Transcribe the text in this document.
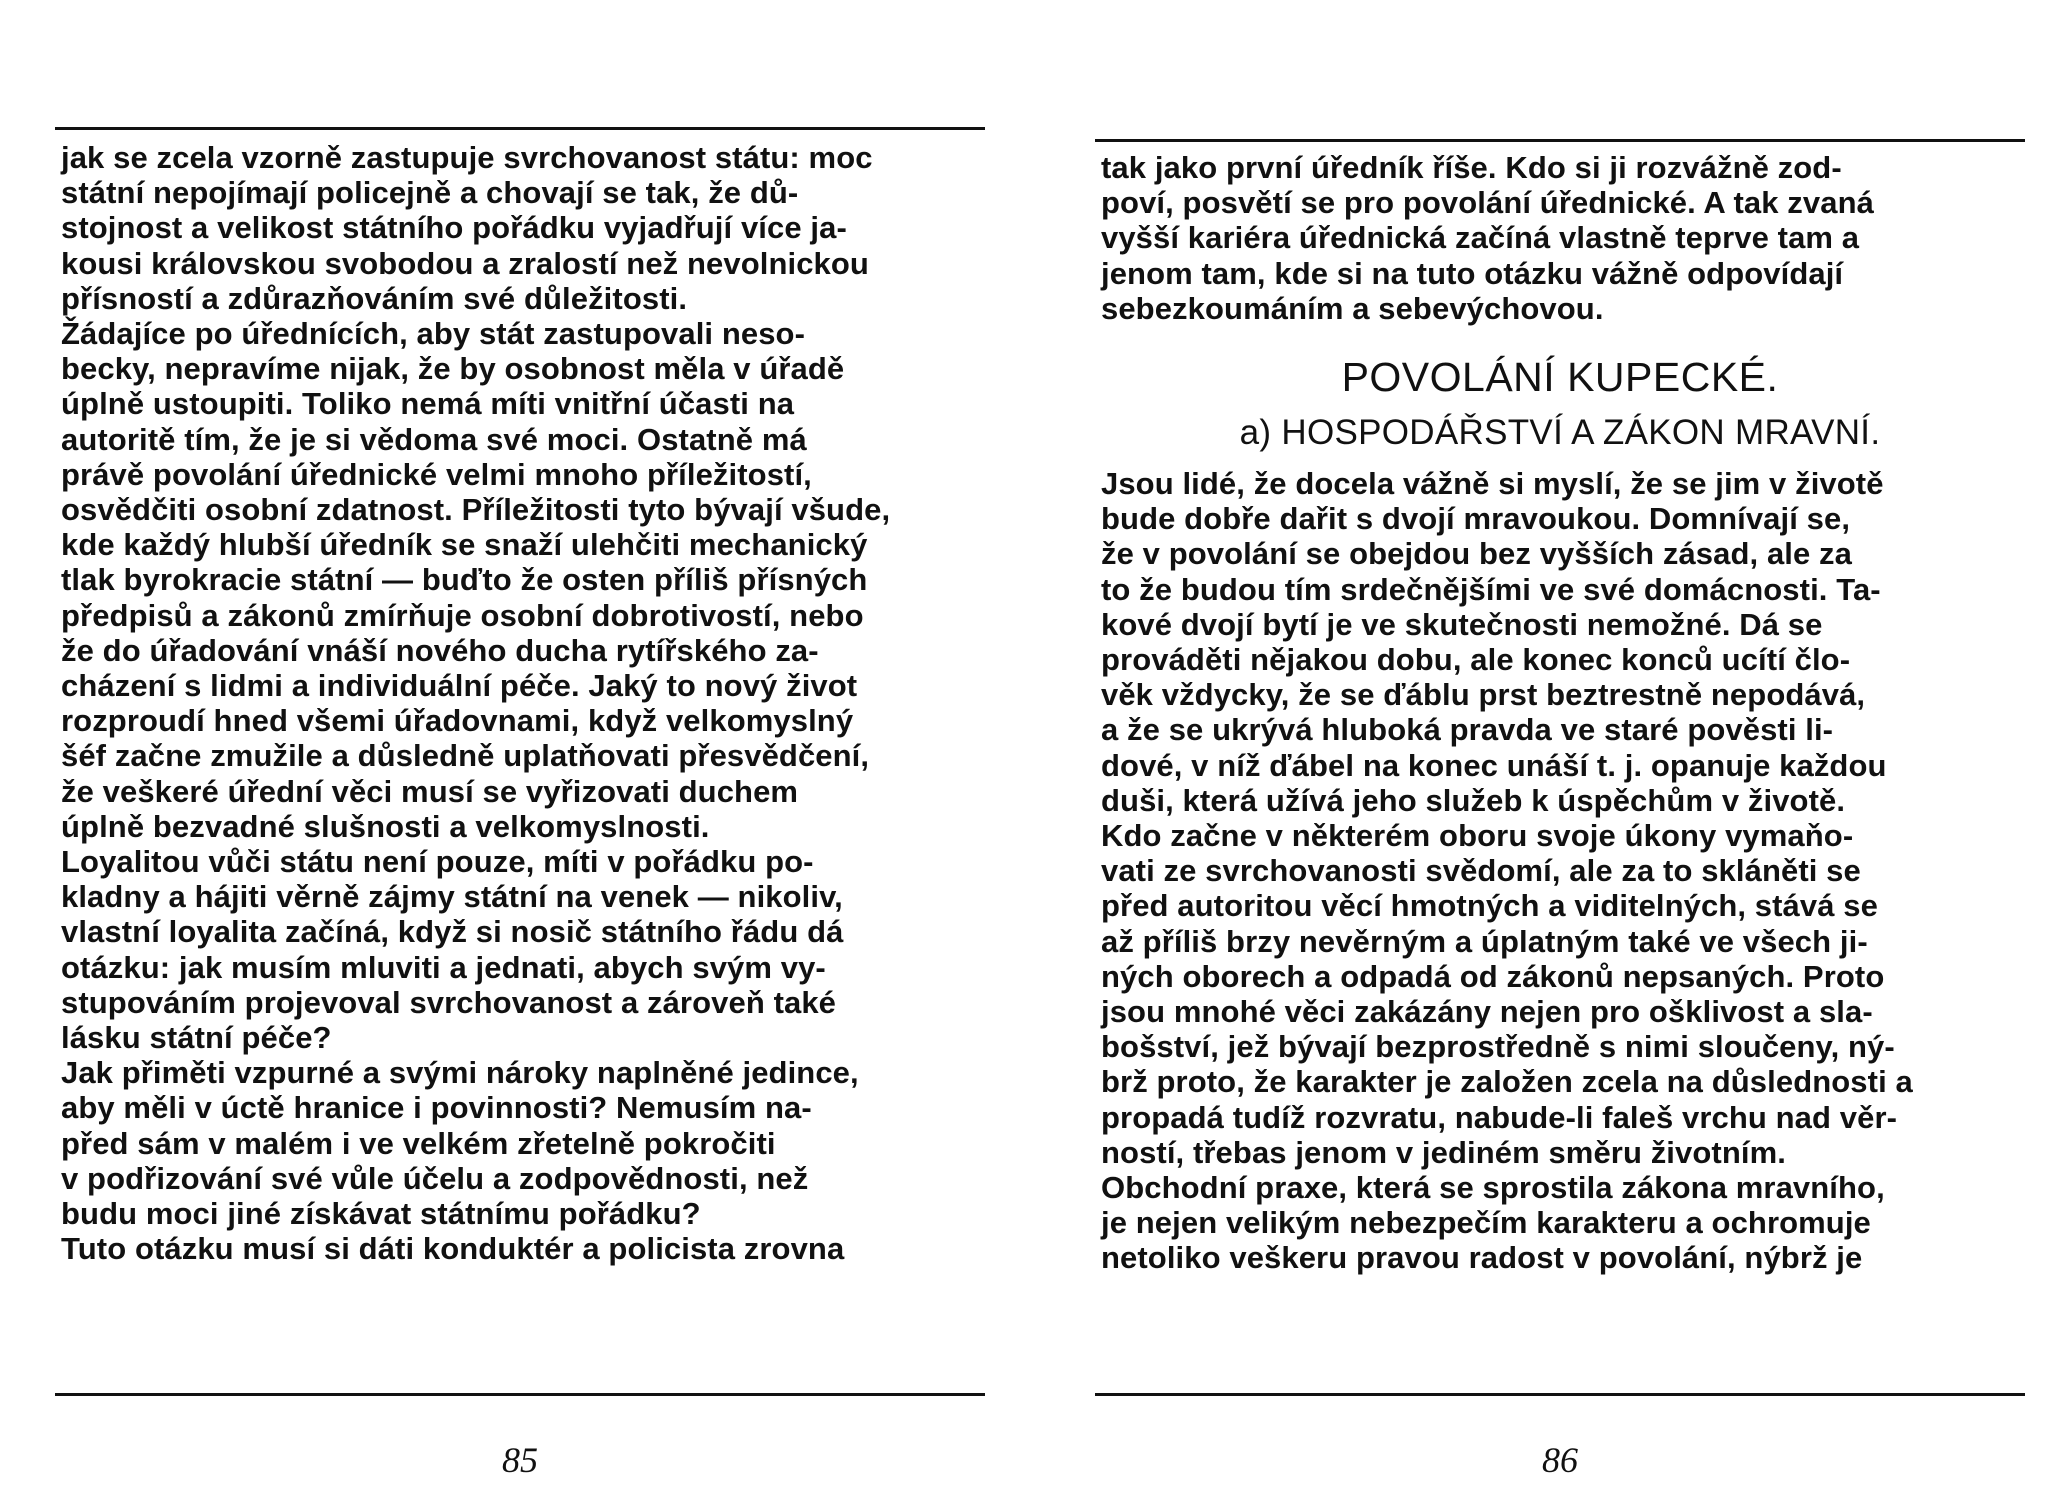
jak se zcela vzorně zastupuje svrchovanost státu: moc
státní nepojímají policejně a chovají se tak, že dů-
stojnost a velikost státního pořádku vyjadřují více ja-
kousi královskou svobodou a zralostí než nevolnickou
přísností a zdůrazňováním své důležitosti.

Žádajíce po úřednících, aby stát zastupovali neso-
becky, nepravíme nijak, že by osobnost měla v úřadě
úplně ustoupiti. Toliko nemá míti vnitřní účasti na
autoritě tím, že je si vědoma své moci. Ostatně má
právě povolání úřednické velmi mnoho příležitostí,
osvědčiti osobní zdatnost. Příležitosti tyto bývají všude,
kde každý hlubší úředník se snaží ulehčiti mechanický
tlak byrokracie státní — buďto že osten příliš přísných
předpisů a zákonů zmírňuje osobní dobrotivostí, nebo
že do úřadování vnáší nového ducha rytířského za-
cházení s lidmi a individuální péče. Jaký to nový život
rozproudí hned všemi úřadovnami, když velkomyslný
šéf začne zmužile a důsledně uplatňovati přesvědčení,
že veškeré úřední věci musí se vyřizovati duchem
úplně bezvadné slušnosti a velkomyslnosti.

Loyalitou vůči státu není pouze, míti v pořádku po-
kladny a hájiti věrně zájmy státní na venek — nikoliv,
vlastní loyalita začíná, když si nosič státního řádu dá
otázku: jak musím mluviti a jednati, abych svým vy-
stupováním projevoval svrchovanost a zároveň také
lásku státní péče?

Jak přiměti vzpurné a svými nároky naplněné jedince,
aby měli v úctě hranice i povinnosti? Nemusím na-
před sám v malém i ve velkém zřetelně pokročiti
v podřizování své vůle účelu a zodpovědnosti, než
budu moci jiné získávat státnímu pořádku?

Tuto otázku musí si dáti konduktér a policista zrovna

85

tak jako první úředník říše. Kdo si ji rozvážně zod-
poví, posvětí se pro povolání úřednické. A tak zvaná
vyšší kariéra úřednická začíná vlastně teprve tam a
jenom tam, kde si na tuto otázku vážně odpovídají
sebezkoumáním a sebevýchovou.

POVOLÁNÍ KUPECKÉ.
a) HOSPODÁŘSTVÍ A ZÁKON MRAVNÍ.

Jsou lidé, že docela vážně si myslí, že se jim v životě
bude dobře dařit s dvojí mravoukou. Domnívají se,
že v povolání se obejdou bez vyšších zásad, ale za
to že budou tím srdečnějšími ve své domácnosti. Ta-
kové dvojí bytí je ve skutečnosti nemožné. Dá se
prováděti nějakou dobu, ale konec konců ucítí člo-
věk vždycky, že se ďáblu prst beztrestně nepodává,
a že se ukrývá hluboká pravda ve staré pověsti li-
dové, v níž ďábel na konec unáší t. j. opanuje každou
duši, která užívá jeho služeb k úspěchům v životě.
Kdo začne v některém oboru svoje úkony vymaňo-
vati ze svrchovanosti svědomí, ale za to skláněti se
před autoritou věcí hmotných a viditelných, stává se
až příliš brzy nevěrným a úplatným také ve všech ji-
ných oborech a odpadá od zákonů nepsaných. Proto
jsou mnohé věci zakázány nejen pro ošklivost a sla-
bošství, jež bývají bezprostředně s nimi sloučeny, ný-
brž proto, že karakter je založen zcela na důslednosti a
propadá tudíž rozvratu, nabude-li faleš vrchu nad věr-
ností, třebas jenom v jediném směru životním.

Obchodní praxe, která se sprostila zákona mravního,
je nejen velikým nebezpečím karakteru a ochromuje
netoliko veškeru pravou radost v povolání, nýbrž je

86
